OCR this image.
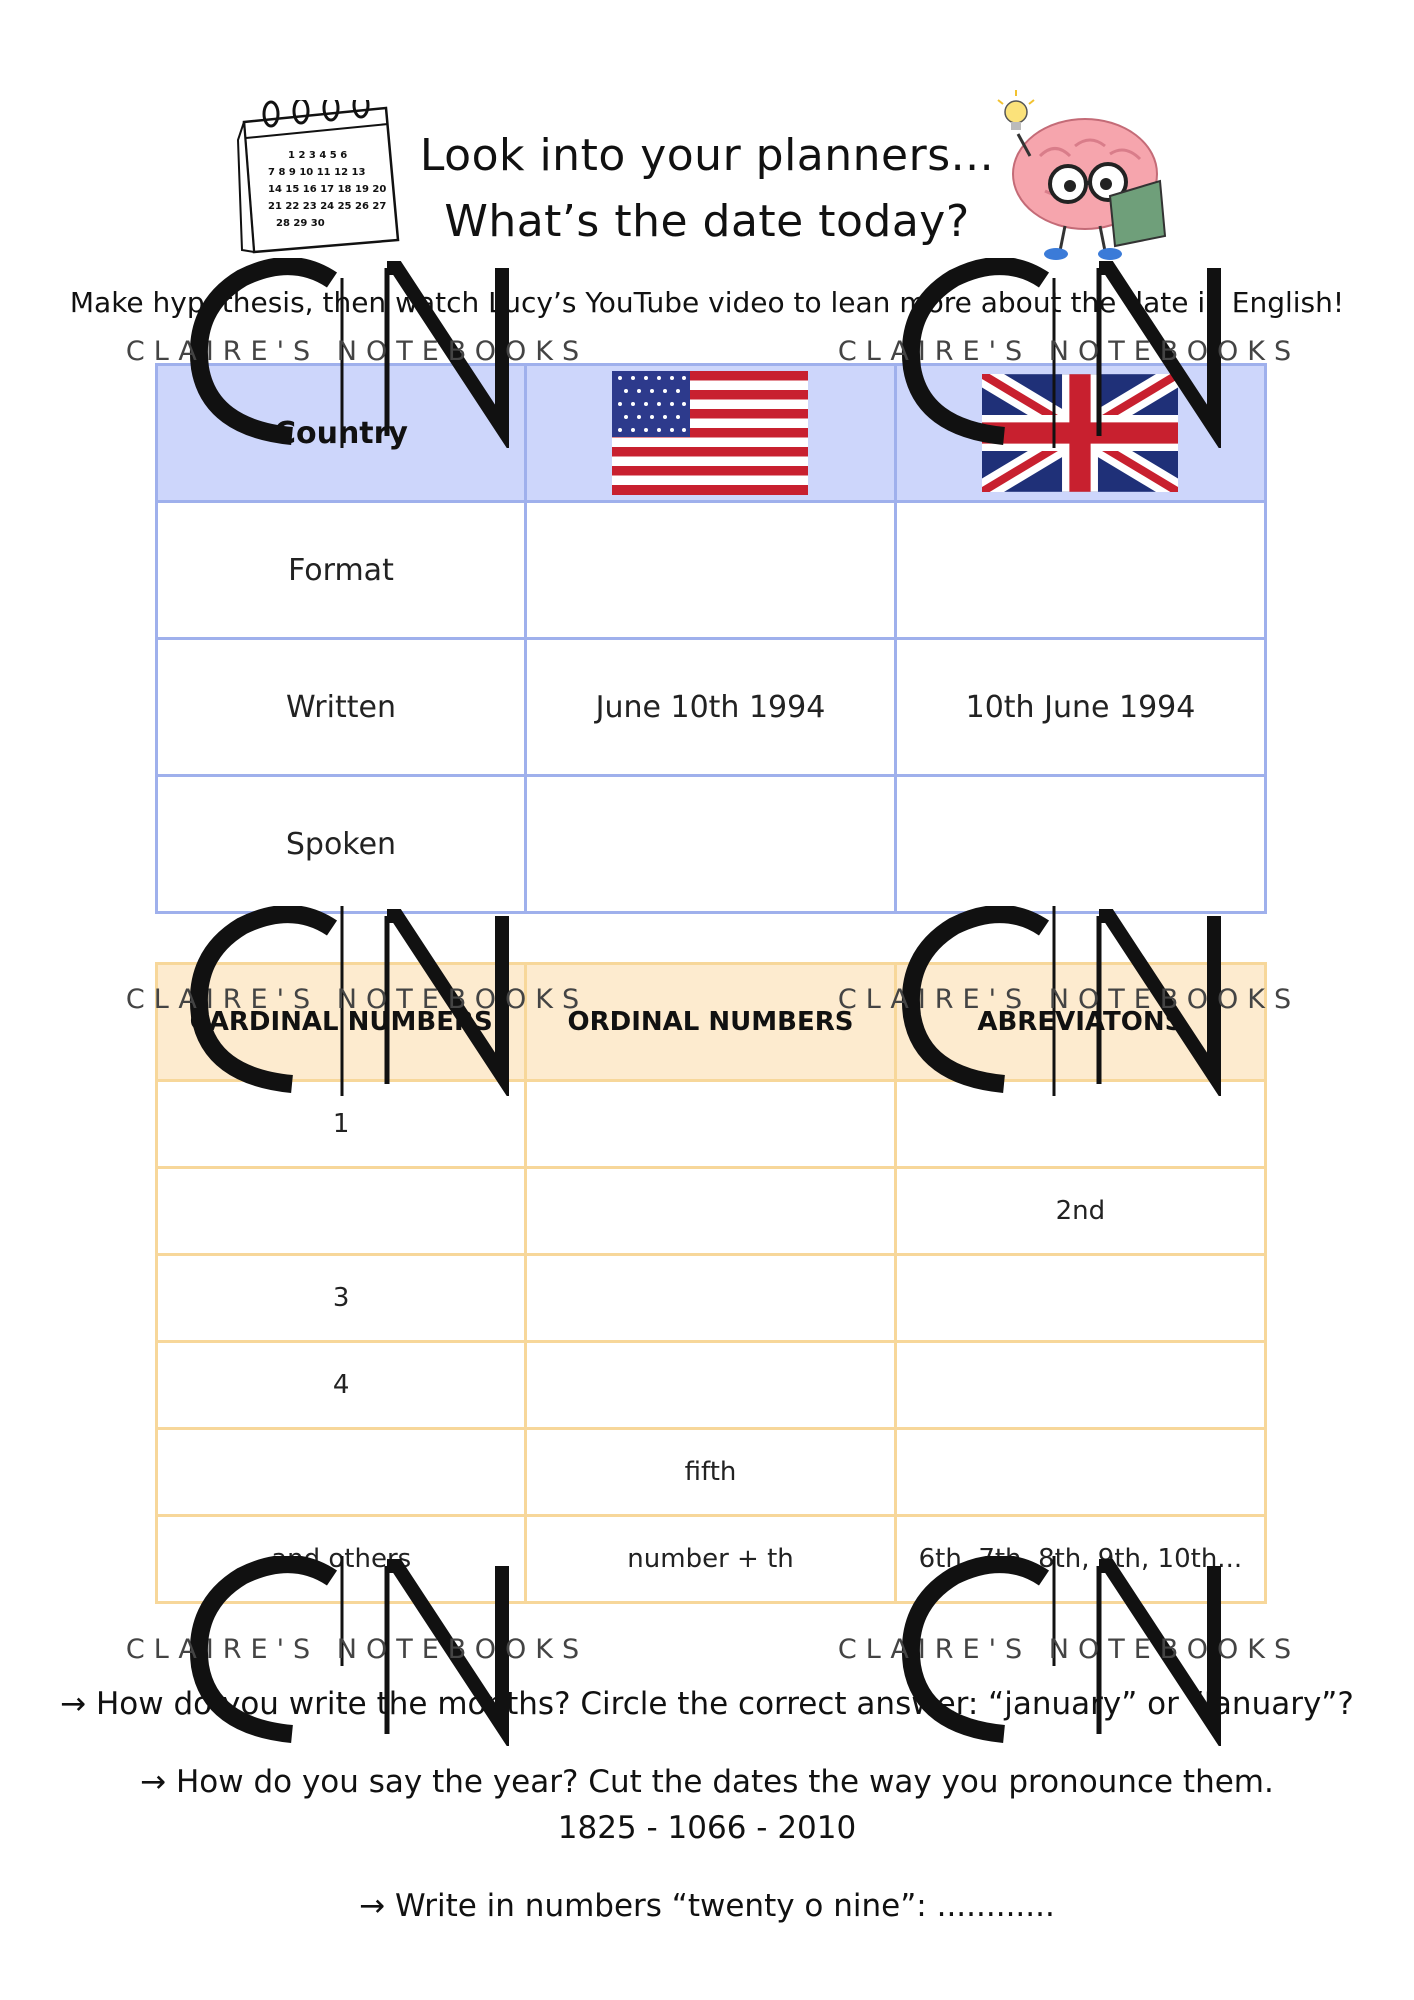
Look into your planners...
What’s the date today?
1 2 3 4 5 6
7 8 9 10 11 12 13
14 15 16 17 18 19 20
21 22 23 24 25 26 27
28 29 30
Make hypothesis, then watch Lucy’s YouTube video to lean more about the date in English!
Country	

Format		
Written	June 10th 1994	10th June 1994
Spoken		
CARDINAL NUMBERS	ORDINAL NUMBERS	ABREVIATONS
1		
		2nd
3		
4		
	fifth	
and others	number + th	6th, 7th, 8th, 9th, 10th...
→ How do you write the months? Circle the correct answer: “january” or “January”?
→ How do you say the year? Cut the dates the way you pronounce them.
1825 - 1066 - 2010
→ Write in numbers “twenty o nine”: ............
CLAIRE'S NOTEBOOKS	CLAIRE'S NOTEBOOKS
CLAIRE'S NOTEBOOKS	CLAIRE'S NOTEBOOKS
CLAIRE'S NOTEBOOKS	CLAIRE'S NOTEBOOKS
